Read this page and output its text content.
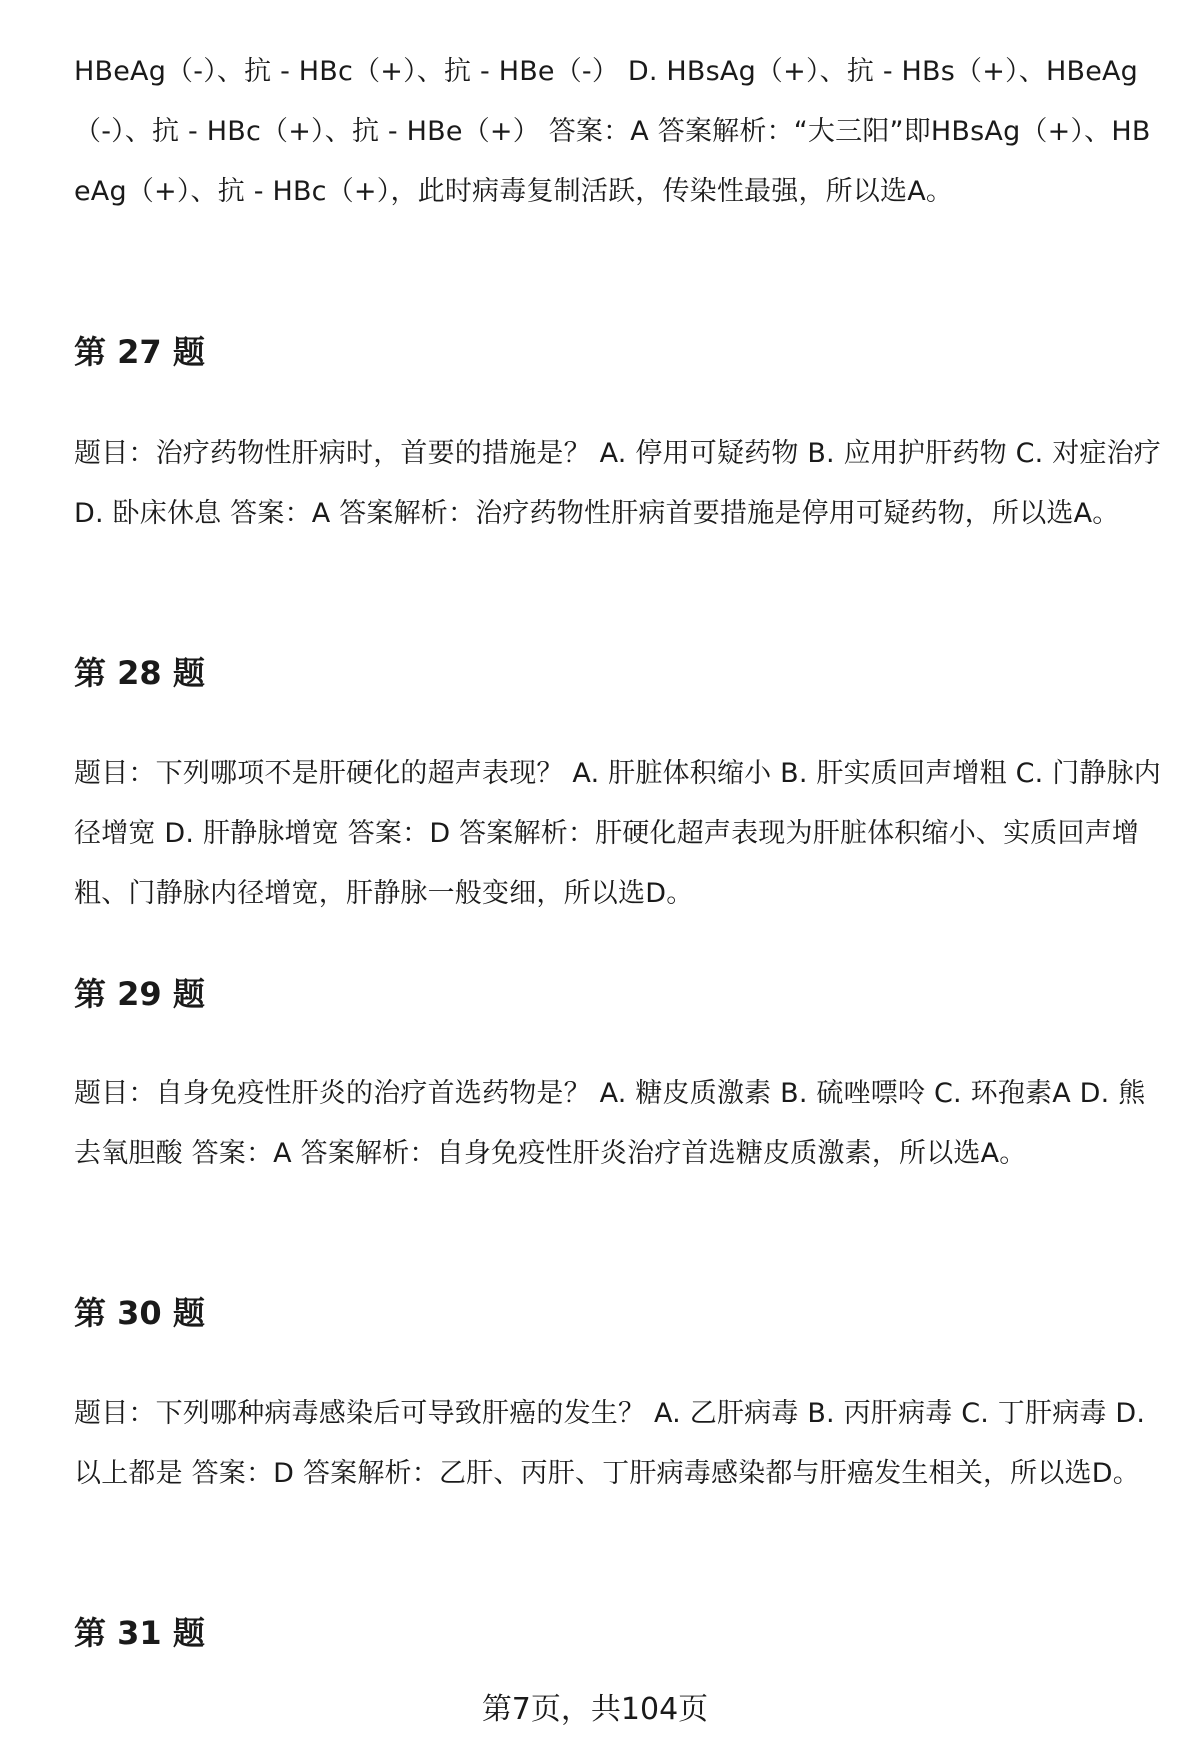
HBeAg（-）、抗 - HBc（+）、抗 - HBe（-） D. HBsAg（+）、抗 - HBs（+）、HBeAg（-）、抗 - HBc（+）、抗 - HBe（+） 答案：A 答案解析：“大三阳”即HBsAg（+）、HBeAg（+）、抗 - HBc（+），此时病毒复制活跃，传染性最强，所以选A。

第 27 题

题目：治疗药物性肝病时，首要的措施是？ A. 停用可疑药物 B. 应用护肝药物 C. 对症治疗 D. 卧床休息 答案：A 答案解析：治疗药物性肝病首要措施是停用可疑药物，所以选A。

第 28 题

题目：下列哪项不是肝硬化的超声表现？ A. 肝脏体积缩小 B. 肝实质回声增粗 C. 门静脉内径增宽 D. 肝静脉增宽 答案：D 答案解析：肝硬化超声表现为肝脏体积缩小、实质回声增粗、门静脉内径增宽，肝静脉一般变细，所以选D。

第 29 题

题目：自身免疫性肝炎的治疗首选药物是？ A. 糖皮质激素 B. 硫唑嘌呤 C. 环孢素A D. 熊去氧胆酸 答案：A 答案解析：自身免疫性肝炎治疗首选糖皮质激素，所以选A。

第 30 题

题目：下列哪种病毒感染后可导致肝癌的发生？ A. 乙肝病毒 B. 丙肝病毒 C. 丁肝病毒 D. 以上都是 答案：D 答案解析：乙肝、丙肝、丁肝病毒感染都与肝癌发生相关，所以选D。

第 31 题
第7页，共104页
